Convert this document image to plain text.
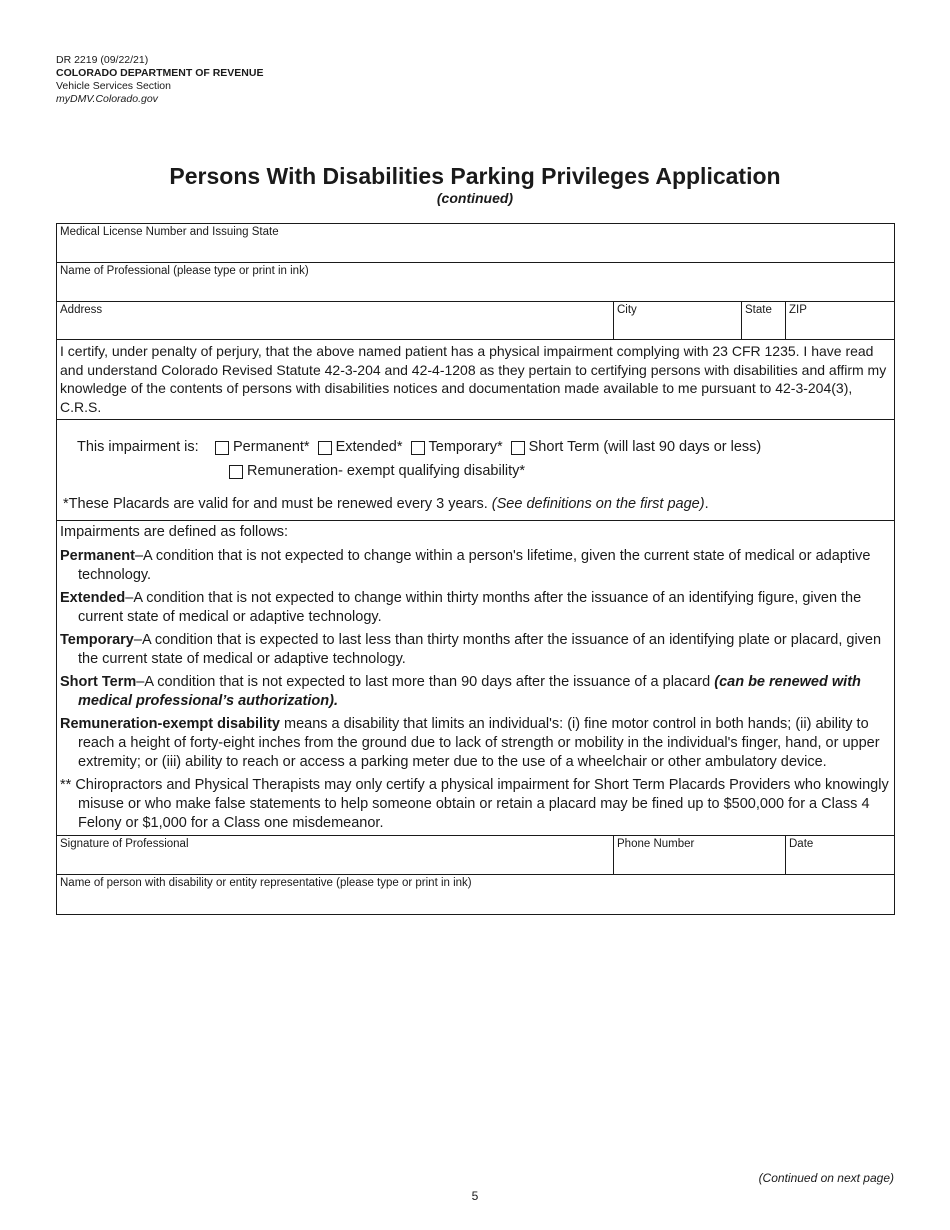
DR 2219 (09/22/21)
COLORADO DEPARTMENT OF REVENUE
Vehicle Services Section
myDMV.Colorado.gov
Persons With Disabilities Parking Privileges Application
(continued)
Medical License Number and Issuing State
Name of Professional (please type or print in ink)
Address	City	State	ZIP
I certify, under penalty of perjury, that the above named patient has a physical impairment complying with 23 CFR 1235. I have read and understand Colorado Revised Statute 42-3-204 and 42-4-1208 as they pertain to certifying persons with disabilities and affirm my knowledge of the contents of persons with disabilities notices and documentation made available to me pursuant to 42-3-204(3), C.R.S.
This impairment is:	Permanent* Extended* Temporary* Short Term (will last 90 days or less)
Remuneration- exempt qualifying disability*
*These Placards are valid for and must be renewed every 3 years. (See definitions on the first page).

Impairments are defined as follows:

Permanent–A condition that is not expected to change within a person's lifetime, given the current state of medical or adaptive technology.

Extended–A condition that is not expected to change within thirty months after the issuance of an identifying figure, given the current state of medical or adaptive technology.

Temporary–A condition that is expected to last less than thirty months after the issuance of an identifying plate or placard, given the current state of medical or adaptive technology.

Short Term–A condition that is not expected to last more than 90 days after the issuance of a placard (can be renewed with medical professional’s authorization).

Remuneration-exempt disability means a disability that limits an individual's: (i) fine motor control in both hands; (ii) ability to reach a height of forty-eight inches from the ground due to lack of strength or mobility in the individual's finger, hand, or upper extremity; or (iii) ability to reach or access a parking meter due to the use of a wheelchair or other ambulatory device.

** Chiropractors and Physical Therapists may only certify a physical impairment for Short Term Placards Providers who knowingly misuse or who make false statements to help someone obtain or retain a placard may be fined up to $500,000 for a Class 4 Felony or $1,000 for a Class one misdemeanor.

Signature of Professional	Phone Number	Date
Name of person with disability or entity representative (please type or print in ink)
(Continued on next page)
5
